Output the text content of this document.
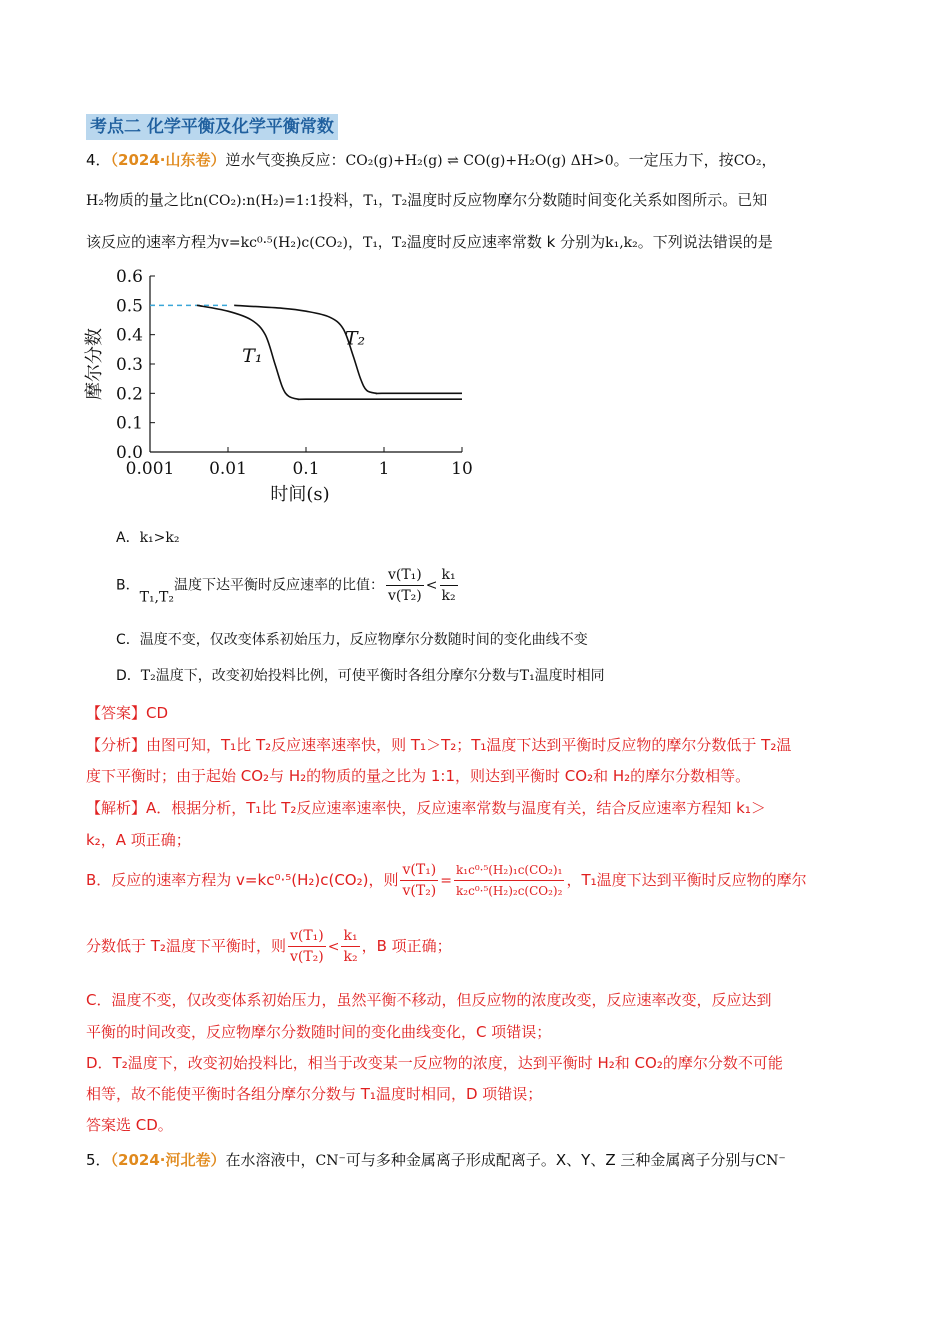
考点二 化学平衡及化学平衡常数
4．（2024·山东卷）逆水气变换反应：CO₂(g)+H₂(g) ⇌ CO(g)+H₂O(g) ΔH>0。一定压力下，按CO₂，
H₂物质的量之比n(CO₂):n(H₂)=1:1投料，T₁，T₂温度时反应物摩尔分数随时间变化关系如图所示。已知
该反应的速率方程为v=kc⁰·⁵(H₂)c(CO₂)，T₁，T₂温度时反应速率常数 k 分别为k₁,k₂。下列说法错误的是
0.0
0.1
0.2
0.3
0.4
0.5
0.6
0.001 0.01	0.1	1	10
摩尔分数
时间(s)
T₁
T₂
A．k₁>k₂
B．T₁,T₂温度下达平衡时反应速率的比值： $\frac{\text{v(T₁)}}{\text{v(T₂)}} < \frac{\text{k₁}}{\text{k₂}}$
C．温度不变，仅改变体系初始压力，反应物摩尔分数随时间的变化曲线不变
D．T₂温度下，改变初始投料比例，可使平衡时各组分摩尔分数与T₁温度时相同
【答案】CD
【分析】由图可知，T₁比 T₂反应速率速率快，则 T₁＞T₂；T₁温度下达到平衡时反应物的摩尔分数低于 T₂温
度下平衡时；由于起始 CO₂与 H₂的物质的量之比为 1:1，则达到平衡时 CO₂和 H₂的摩尔分数相等。
【解析】A．根据分析，T₁比 T₂反应速率速率快，反应速率常数与温度有关，结合反应速率方程知 k₁＞
k₂，A 项正确；
B．反应的速率方程为 v=kc⁰·⁵(H₂)c(CO₂)，则 $\frac{\text{v(T₁)}}{\text{v(T₂)}} = \frac{\text{k₁c⁰·⁵(H₂)₁c(CO₂)₁}}{\text{k₂c⁰·⁵(H₂)₂c(CO₂)₂}}$ ，T₁温度下达到平衡时反应物的摩尔
分数低于 T₂温度下平衡时，则 $\frac{\text{v(T₁)}}{\text{v(T₂)}} < \frac{\text{k₁}}{\text{k₂}}$ ，B 项正确；
C．温度不变，仅改变体系初始压力，虽然平衡不移动，但反应物的浓度改变，反应速率改变，反应达到
平衡的时间改变，反应物摩尔分数随时间的变化曲线变化，C 项错误；
D．T₂温度下，改变初始投料比，相当于改变某一反应物的浓度，达到平衡时 H₂和 CO₂的摩尔分数不可能
相等，故不能使平衡时各组分摩尔分数与 T₁温度时相同，D 项错误；
答案选 CD。
5．（2024·河北卷）在水溶液中，CN⁻可与多种金属离子形成配离子。X、Y、Z 三种金属离子分别与CN⁻
